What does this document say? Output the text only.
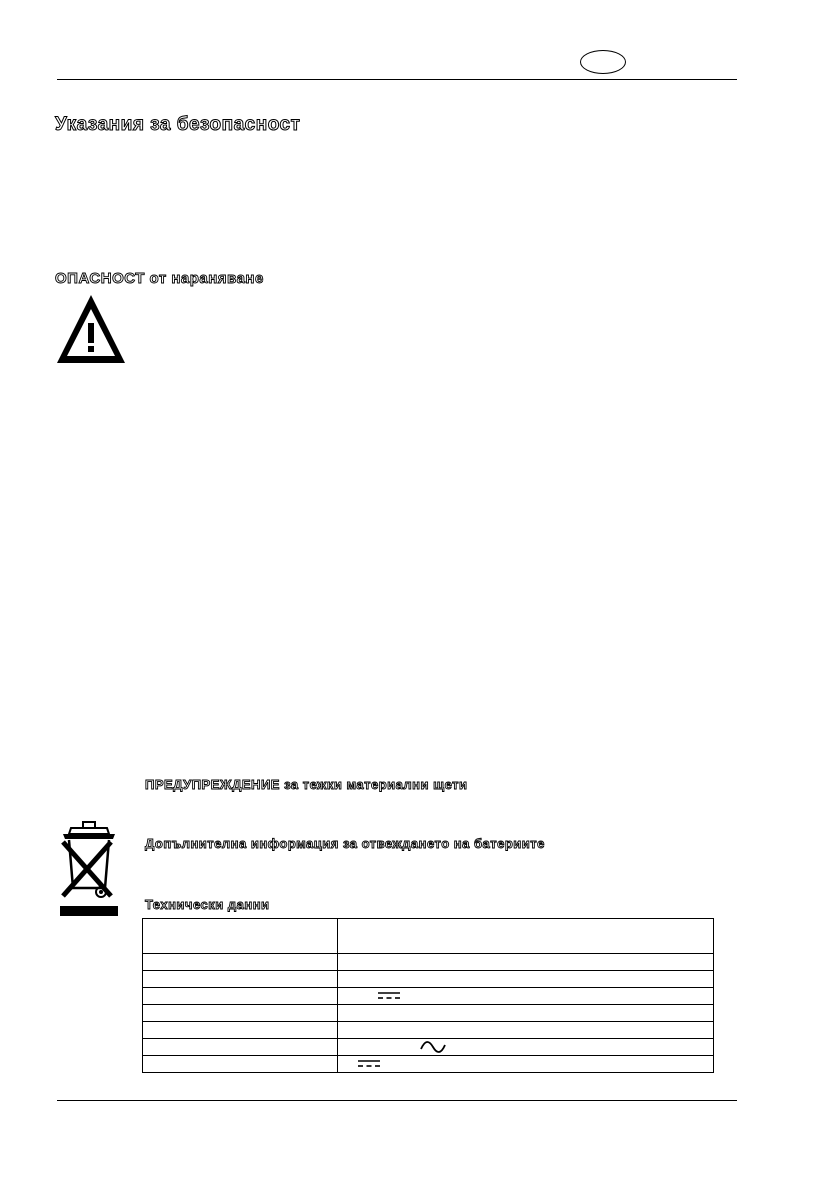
Указания за безопасност
ОПАСНОСТ от нараняване
ПРЕДУПРЕЖДЕНИЕ за тежки материални щети
Допълнителна информация за отвеждането на батериите
Технически данни
